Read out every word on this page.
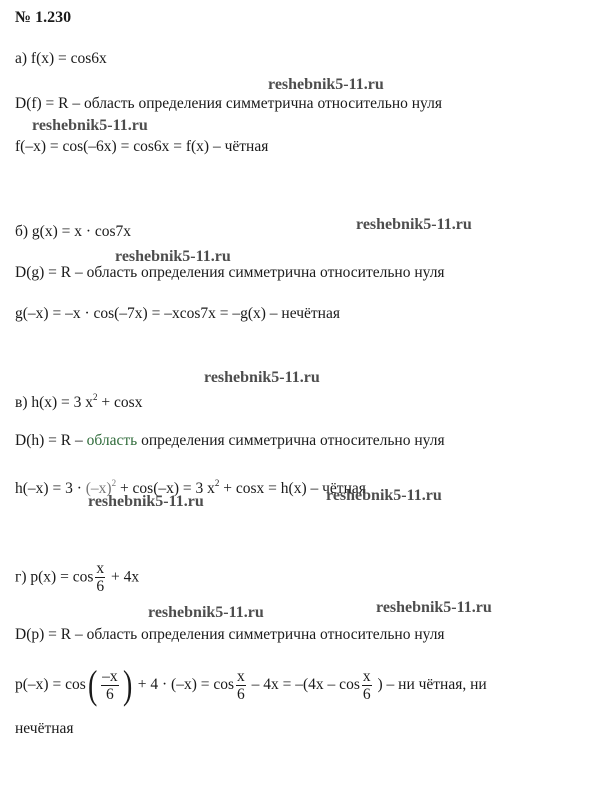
№ 1.230
а) f(x) = cos6x
D(f) = R – область определения симметрична относительно нуля
f(–x) = cos(–6x) = cos6x = f(x) – чётная
б) g(x) = x · cos7x
D(g) = R – область определения симметрична относительно нуля
g(–x) = –x · cos(–7x) = –xcos7x = –g(x) – нечётная
в) h(x) = 3 $x^2 + \cos x$
D(h) = R – область определения симметрична относительно нуля
$h(-x) = 3 \cdot (-x)^2 + \cos(-x) = 3$ $x^2 + \cos x = h(x)$ – чётная
г) $p(x) = \cos \frac{x}{6} + 4x$
D(p) = R – область определения симметрична относительно нуля
$p(-x) = \cos( \frac{-x}{6}$ ) + $4 \cdot (-x) = \cos \frac{x}{6} - 4x = -(4x - \cos \frac{x}{6}$ ) – ни чётная, ни
нечётная
reshebnik5-11.ru
reshebnik5-11.ru
reshebnik5-11.ru
reshebnik5-11.ru
reshebnik5-11.ru
reshebnik5-11.ru	reshebnik5-11.ru
reshebnik5-11.ru	reshebnik5-11.ru
